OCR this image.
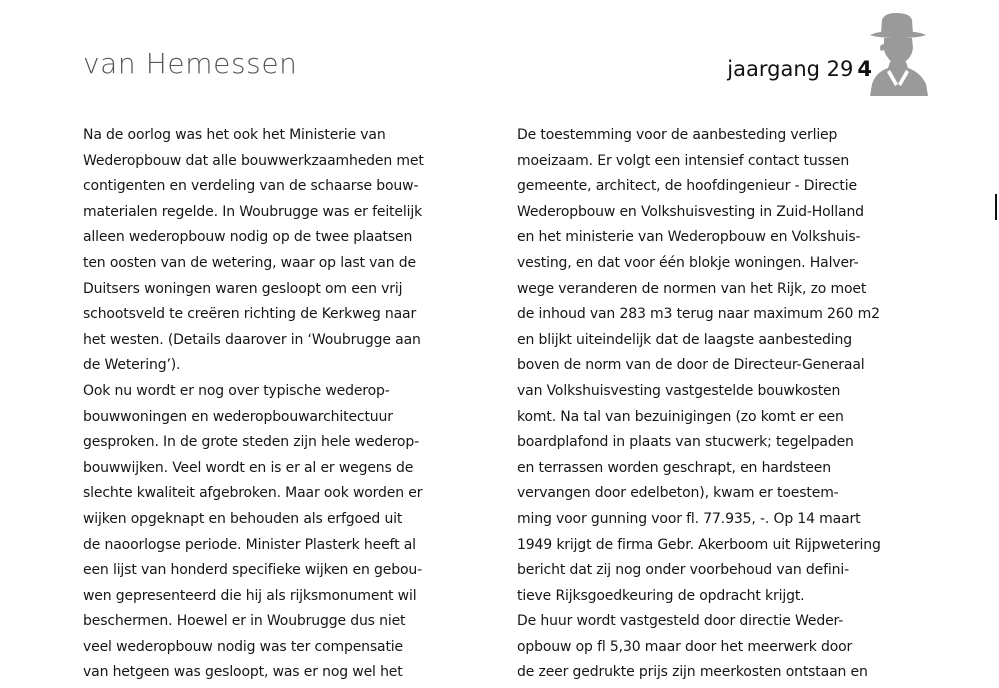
van Hemessen	jaargang 29 4
Na de oorlog was het ook het Ministerie van
Wederopbouw dat alle bouwwerkzaamheden met
contigenten en verdeling van de schaarse bouw-
materialen regelde. In Woubrugge was er feitelijk
alleen wederopbouw nodig op de twee plaatsen
ten oosten van de wetering, waar op last van de
Duitsers woningen waren gesloopt om een vrij
schootsveld te creëren richting de Kerkweg naar
het westen. (Details daarover in ‘Woubrugge aan
de Wetering’).
Ook nu wordt er nog over typische wederop-
bouwwoningen en wederopbouwarchitectuur
gesproken. In de grote steden zijn hele wederop-
bouwwijken. Veel wordt en is er al er wegens de
slechte kwaliteit afgebroken. Maar ook worden er
wijken opgeknapt en behouden als erfgoed uit
de naoorlogse periode. Minister Plasterk heeft al
een lijst van honderd specifieke wijken en gebou-
wen gepresenteerd die hij als rijksmonument wil
beschermen. Hoewel er in Woubrugge dus niet
veel wederopbouw nodig was ter compensatie
van hetgeen was gesloopt, was er nog wel het
De toestemming voor de aanbesteding verliep
moeizaam. Er volgt een intensief contact tussen
gemeente, architect, de hoofdingenieur - Directie
Wederopbouw en Volkshuisvesting in Zuid-Holland
en het ministerie van Wederopbouw en Volkshuis-
vesting, en dat voor één blokje woningen. Halver-
wege veranderen de normen van het Rijk, zo moet
de inhoud van 283 m3 terug naar maximum 260 m2
en blijkt uiteindelijk dat de laagste aanbesteding
boven de norm van de door de Directeur-Generaal
van Volkshuisvesting vastgestelde bouwkosten
komt. Na tal van bezuinigingen (zo komt er een
boardplafond in plaats van stucwerk; tegelpaden
en terrassen worden geschrapt, en hardsteen
vervangen door edelbeton), kwam er toestem-
ming voor gunning voor fl. 77.935, -. Op 14 maart
1949 krijgt de firma Gebr. Akerboom uit Rijpwetering
bericht dat zij nog onder voorbehoud van defini-
tieve Rijksgoedkeuring de opdracht krijgt.
De huur wordt vastgesteld door directie Weder-
opbouw op fl 5,30 maar door het meerwerk door
de zeer gedrukte prijs zijn meerkosten ontstaan en
